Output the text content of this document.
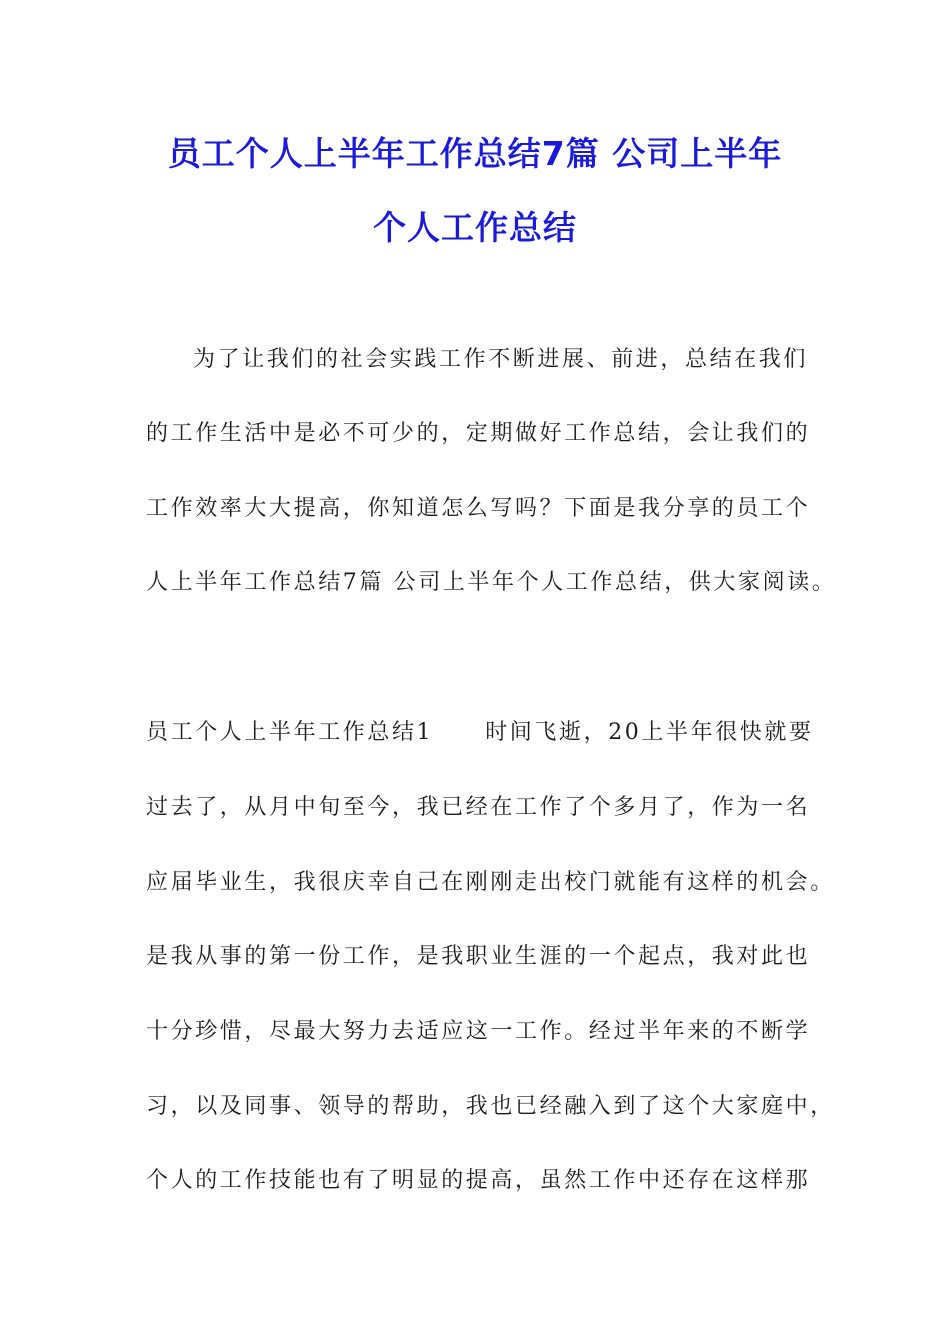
员工个人上半年工作总结7篇 公司上半年
个人工作总结
为了让我们的社会实践工作不断进展、前进，总结在我们
的工作生活中是必不可少的，定期做好工作总结，会让我们的
工作效率大大提高，你知道怎么写吗？下面是我分享的员工个
人上半年工作总结7篇 公司上半年个人工作总结，供大家阅读。
员工个人上半年工作总结1 时间飞逝，20上半年很快就要
过去了，从月中旬至今，我已经在工作了个多月了，作为一名
应届毕业生，我很庆幸自己在刚刚走出校门就能有这样的机会。
是我从事的第一份工作，是我职业生涯的一个起点，我对此也
十分珍惜，尽最大努力去适应这一工作。经过半年来的不断学
习，以及同事、领导的帮助，我也已经融入到了这个大家庭中，
个人的工作技能也有了明显的提高，虽然工作中还存在这样那
